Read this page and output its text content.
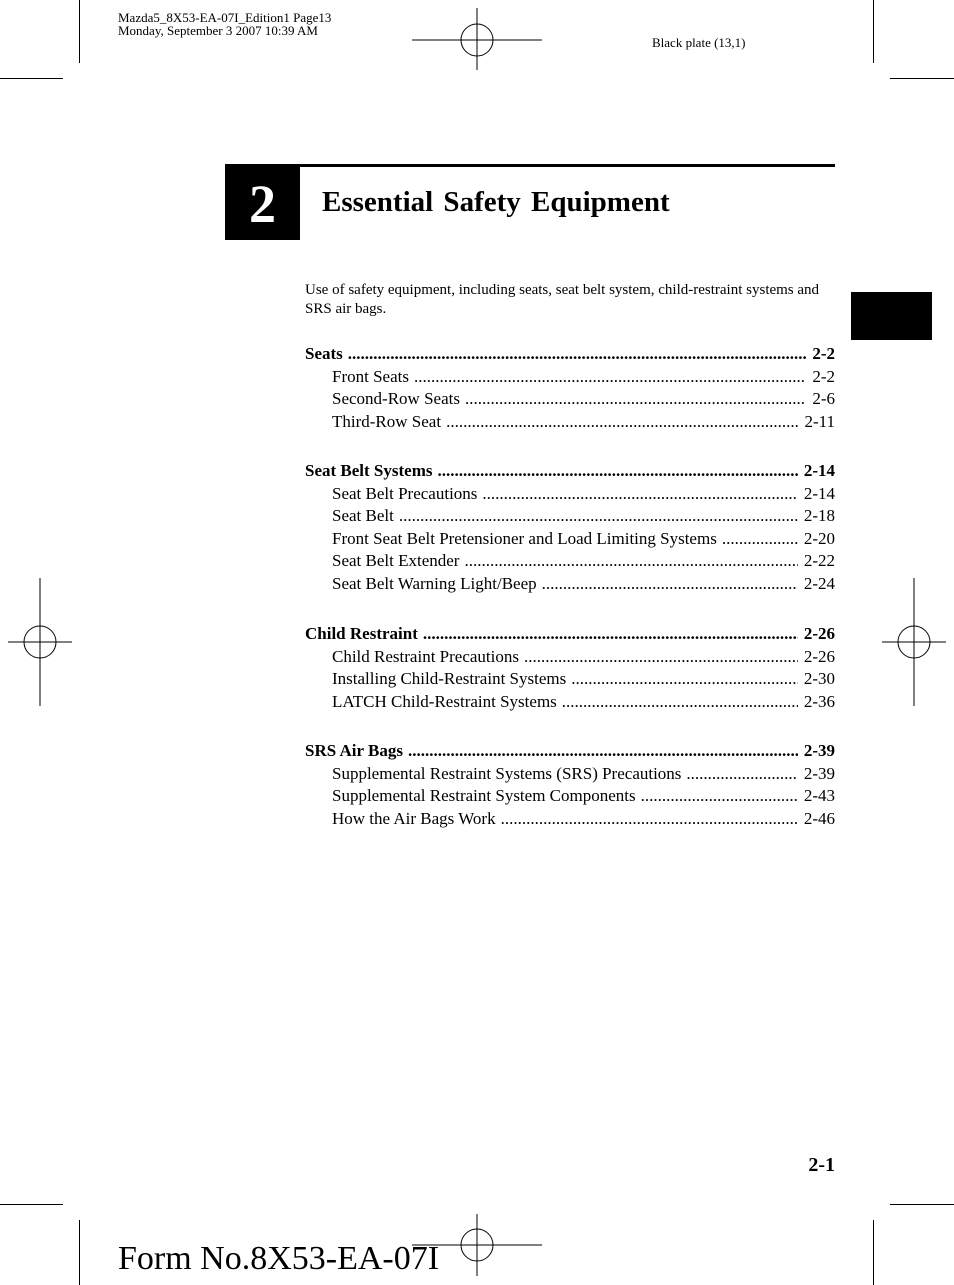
Mazda5_8X53-EA-07I_Edition1 Page13
Monday, September 3 2007 10:39 AM
Black plate (13,1)
2 Essential Safety Equipment
Use of safety equipment, including seats, seat belt system, child-restraint systems and SRS air bags.
Seats .....	2-2
Front Seats .....	2-2
Second-Row Seats .....	2-6
Third-Row Seat .....	2-11
Seat Belt Systems .....	2-14
Seat Belt Precautions .....	2-14
Seat Belt .....	2-18
Front Seat Belt Pretensioner and Load Limiting Systems .....	2-20
Seat Belt Extender .....	2-22
Seat Belt Warning Light/Beep .....	2-24
Child Restraint .....	2-26
Child Restraint Precautions .....	2-26
Installing Child-Restraint Systems .....	2-30
LATCH Child-Restraint Systems .....	2-36
SRS Air Bags .....	2-39
Supplemental Restraint Systems (SRS) Precautions .....	2-39
Supplemental Restraint System Components .....	2-43
How the Air Bags Work .....	2-46
2-1
Form No.8X53-EA-07I
